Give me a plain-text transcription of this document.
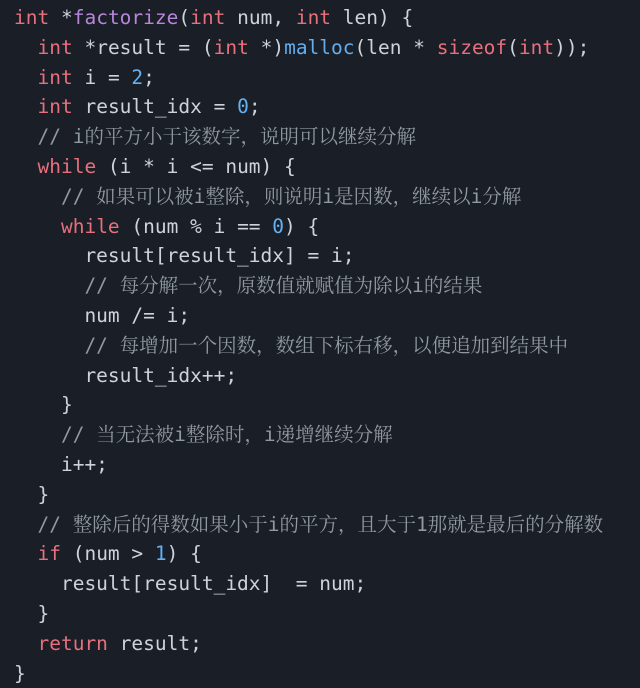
int *factorize(int num, int len) {
int *result = (int *)malloc(len * sizeof(int));
int i = 2;
int result_idx = 0;
// i的平方小于该数字，说明可以继续分解
while (i * i <= num) {
// 如果可以被i整除，则说明i是因数，继续以i分解
while (num % i == 0) {
result[result_idx] = i;
// 每分解一次，原数值就赋值为除以i的结果
num /= i;
// 每增加一个因数，数组下标右移，以便追加到结果中
result_idx++;
}
// 当无法被i整除时，i递增继续分解
i++;
}
// 整除后的得数如果小于i的平方，且大于1那就是最后的分解数
if (num > 1) {
result[result_idx]  = num;
}
return result;
}
